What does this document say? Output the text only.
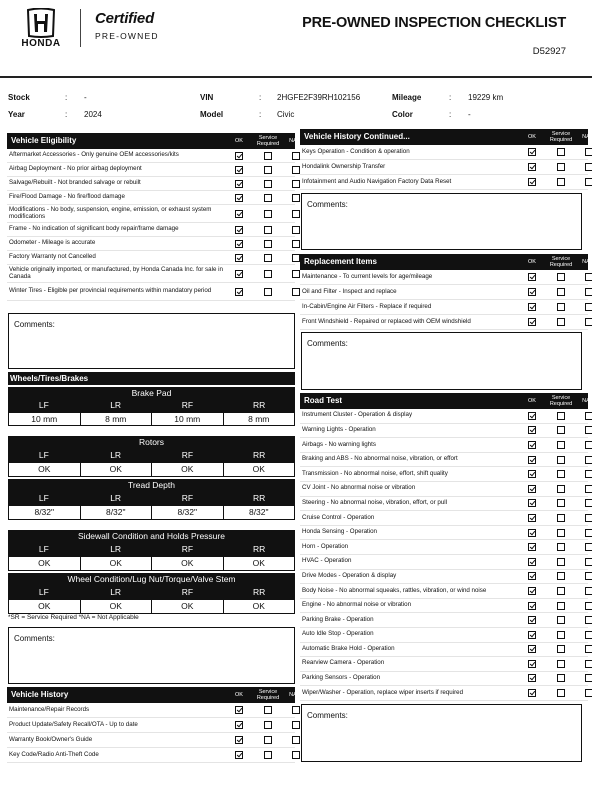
HONDA
Certified
PRE-OWNED
PRE-OWNED INSPECTION CHECKLIST
D52927
Stock	: -
Year	: 2024
VIN	: 2HGFE2F39RH102156
Model	: Civic
Mileage	: 19229 km
Color	: -
Vehicle Eligibility	OK	Service Required	NA
Aftermarket Accessories - Only genuine OEM accessories/kits
Airbag Deployment - No prior airbag deployment
Salvage/Rebuilt - Not branded salvage or rebuilt
Fire/Flood Damage - No fire/flood damage
Modifications - No body, suspension, engine, emission, or exhaust system modifications
Frame - No indication of significant body repair/frame damage
Odometer - Mileage is accurate
Factory Warranty not Cancelled
Vehicle originally imported, or manufactured, by Honda Canada Inc. for sale in Canada
Winter Tires - Eligible per provincial requirements within mandatory period
Comments:
Vehicle History	OK	Service Required	NA
Maintenance/Repair Records
Product Update/Safety Recall/OTA - Up to date
Warranty Book/Owner's Guide
Key Code/Radio Anti-Theft Code
Vehicle History Continued...	OK	Service Required	NA
Keys Operation - Condition & operation
Hondalink Ownership Transfer
Infotainment and Audio Navigation Factory Data Reset
Comments:
Replacement Items	OK	Service Required	NA
Maintenance - To current levels for age/mileage
Oil and Filter - Inspect and replace
In-Cabin/Engine Air Filters - Replace if required
Front Windshield - Repaired or replaced with OEM windshield
Comments:
Road Test	OK	Service Required	NA
Instrument Cluster - Operation & display
Warning Lights - Operation
Airbags - No warning lights
Braking and ABS - No abnormal noise, vibration, or effort
Transmission - No abnormal noise, effort, shift quality
CV Joint - No abnormal noise or vibration
Steering - No abnormal noise, vibration, effort, or pull
Cruise Control - Operation
Honda Sensing - Operation
Horn - Operation
HVAC - Operation
Drive Modes - Operation & display
Body Noise - No abnormal squeaks, rattles, vibration, or wind noise
Engine - No abnormal noise or vibration
Parking Brake - Operation
Auto Idle Stop - Operation
Automatic Brake Hold - Operation
Rearview Camera - Operation
Parking Sensors - Operation
Wiper/Washer - Operation, replace wiper inserts if required
Comments:
Wheels/Tires/Brakes
Brake Pad
LF	LR	RF	RR
10 mm	8 mm	10 mm	8 mm
Rotors
LF	LR	RF	RR
OK	OK	OK	OK
Tread Depth
LF	LR	RF	RR
8/32"	8/32"	8/32"	8/32"
Sidewall Condition and Holds Pressure
LF	LR	RF	RR
OK	OK	OK	OK
Wheel Condition/Lug Nut/Torque/Valve Stem
LF	LR	RF	RR
OK	OK	OK	OK
*SR = Service Required *NA = Not Applicable
Comments:
